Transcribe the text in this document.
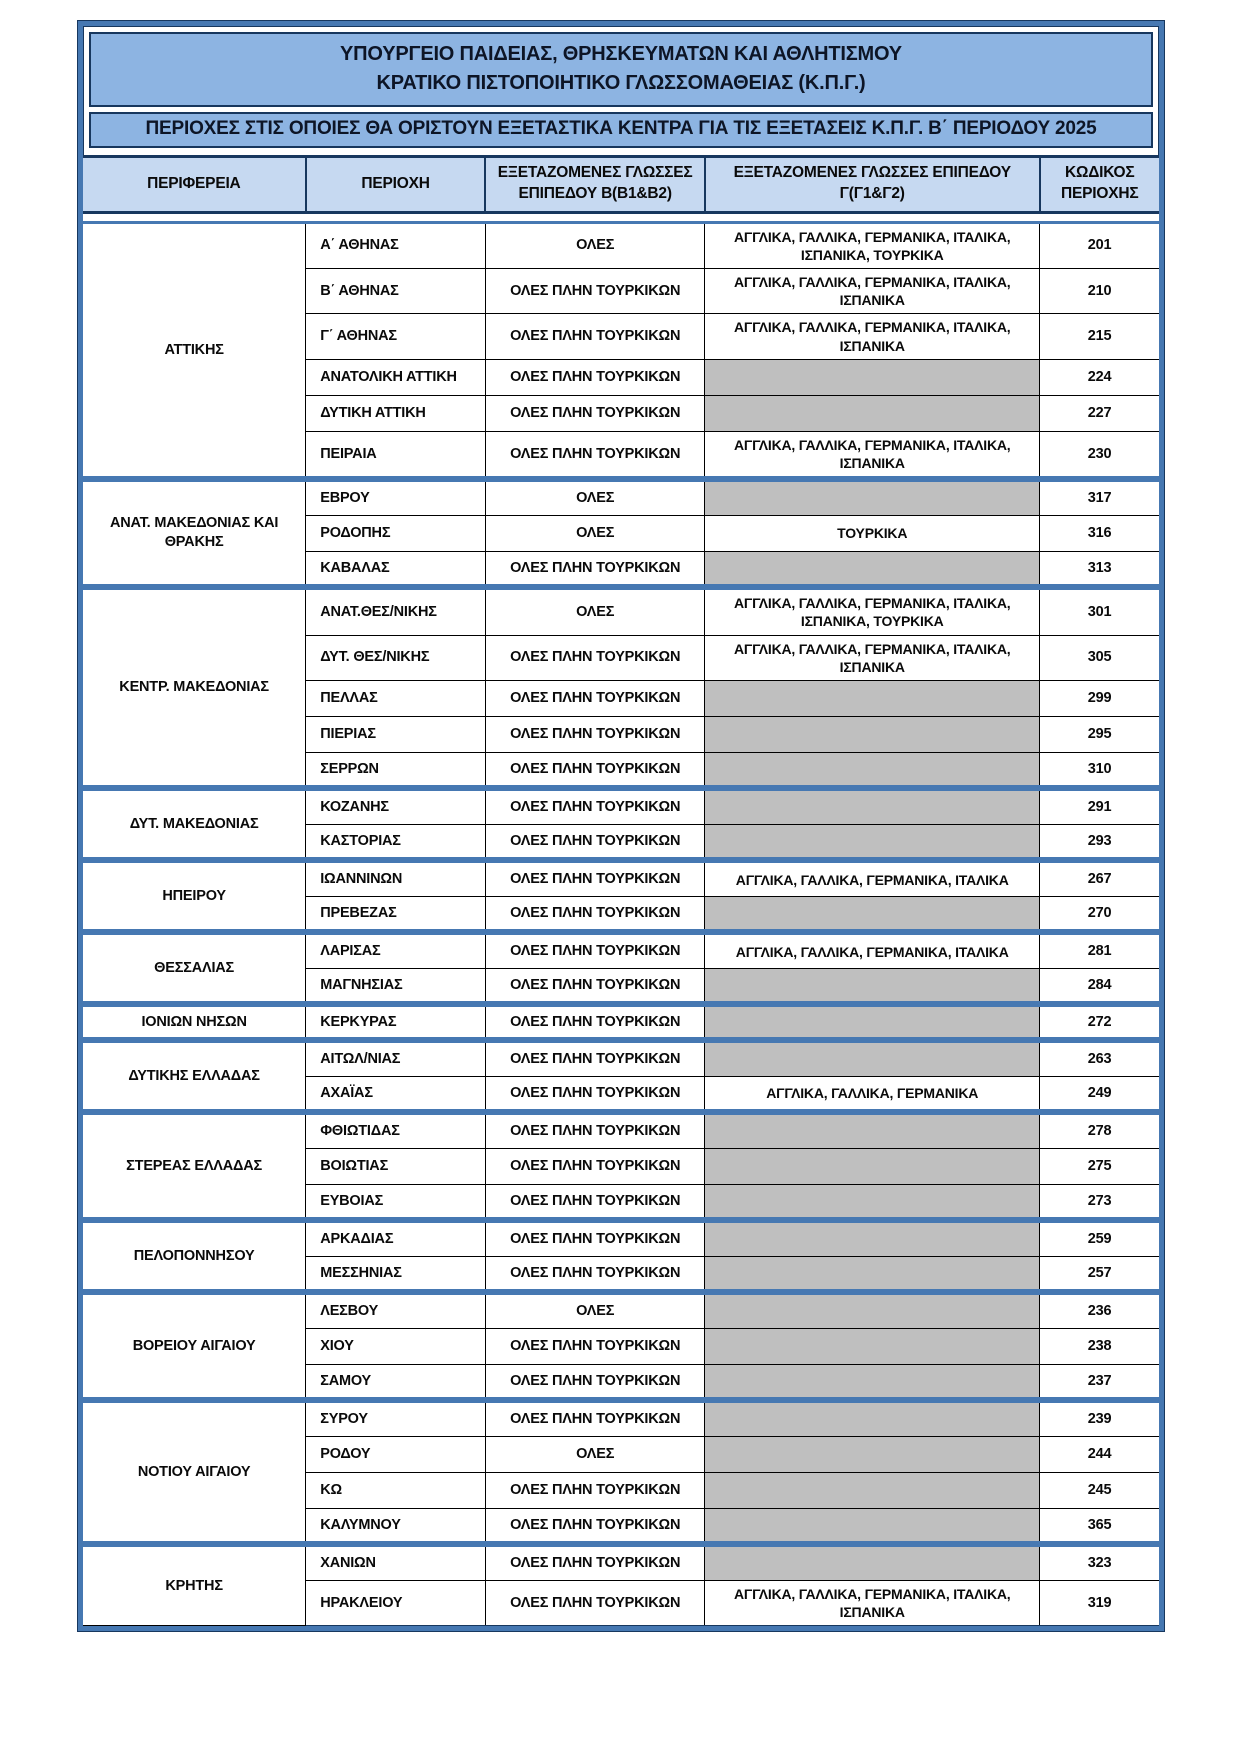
ΥΠΟΥΡΓΕΙΟ ΠΑΙΔΕΙΑΣ, ΘΡΗΣΚΕΥΜΑΤΩΝ ΚΑΙ ΑΘΛΗΤΙΣΜΟΥ
ΚΡΑΤΙΚΟ ΠΙΣΤΟΠΟΙΗΤΙΚΟ ΓΛΩΣΣΟΜΑΘΕΙΑΣ (Κ.Π.Γ.)
ΠΕΡΙΟΧΕΣ ΣΤΙΣ ΟΠΟΙΕΣ ΘΑ ΟΡΙΣΤΟΥΝ ΕΞΕΤΑΣΤΙΚΑ ΚΕΝΤΡΑ ΓΙΑ ΤΙΣ ΕΞΕΤΑΣΕΙΣ Κ.Π.Γ. Β΄ ΠΕΡΙΟΔΟΥ 2025
ΠΕΡΙΦΕΡΕΙΑ	ΠΕΡΙΟΧΗ	ΕΞΕΤΑΖΟΜΕΝΕΣ ΓΛΩΣΣΕΣ ΕΠΙΠΕΔΟΥ Β(Β1&Β2)	ΕΞΕΤΑΖΟΜΕΝΕΣ ΓΛΩΣΣΕΣ ΕΠΙΠΕΔΟΥ Γ(Γ1&Γ2)	ΚΩΔΙΚΟΣ ΠΕΡΙΟΧΗΣ
ΑΤΤΙΚΗΣ	Α΄ ΑΘΗΝΑΣ	ΟΛΕΣ	ΑΓΓΛΙΚΑ, ΓΑΛΛΙΚΑ, ΓΕΡΜΑΝΙΚΑ, ΙΤΑΛΙΚΑ, ΙΣΠΑΝΙΚΑ, ΤΟΥΡΚΙΚΑ	201
	Β΄ ΑΘΗΝΑΣ	ΟΛΕΣ ΠΛΗΝ ΤΟΥΡΚΙΚΩΝ	ΑΓΓΛΙΚΑ, ΓΑΛΛΙΚΑ, ΓΕΡΜΑΝΙΚΑ, ΙΤΑΛΙΚΑ, ΙΣΠΑΝΙΚΑ	210
	Γ΄ ΑΘΗΝΑΣ	ΟΛΕΣ ΠΛΗΝ ΤΟΥΡΚΙΚΩΝ	ΑΓΓΛΙΚΑ, ΓΑΛΛΙΚΑ, ΓΕΡΜΑΝΙΚΑ, ΙΤΑΛΙΚΑ, ΙΣΠΑΝΙΚΑ	215
	ΑΝΑΤΟΛΙΚΗ ΑΤΤΙΚΗ	ΟΛΕΣ ΠΛΗΝ ΤΟΥΡΚΙΚΩΝ		224
	ΔΥΤΙΚΗ ΑΤΤΙΚΗ	ΟΛΕΣ ΠΛΗΝ ΤΟΥΡΚΙΚΩΝ		227
	ΠΕΙΡΑΙΑ	ΟΛΕΣ ΠΛΗΝ ΤΟΥΡΚΙΚΩΝ	ΑΓΓΛΙΚΑ, ΓΑΛΛΙΚΑ, ΓΕΡΜΑΝΙΚΑ, ΙΤΑΛΙΚΑ, ΙΣΠΑΝΙΚΑ	230
ΑΝΑΤ. ΜΑΚΕΔΟΝΙΑΣ ΚΑΙ ΘΡΑΚΗΣ	ΕΒΡΟΥ	ΟΛΕΣ		317
	ΡΟΔΟΠΗΣ	ΟΛΕΣ	ΤΟΥΡΚΙΚΑ	316
	ΚΑΒΑΛΑΣ	ΟΛΕΣ ΠΛΗΝ ΤΟΥΡΚΙΚΩΝ		313
ΚΕΝΤΡ. ΜΑΚΕΔΟΝΙΑΣ	ΑΝΑΤ.ΘΕΣ/ΝΙΚΗΣ	ΟΛΕΣ	ΑΓΓΛΙΚΑ, ΓΑΛΛΙΚΑ, ΓΕΡΜΑΝΙΚΑ, ΙΤΑΛΙΚΑ, ΙΣΠΑΝΙΚΑ, ΤΟΥΡΚΙΚΑ	301
	ΔΥΤ. ΘΕΣ/ΝΙΚΗΣ	ΟΛΕΣ ΠΛΗΝ ΤΟΥΡΚΙΚΩΝ	ΑΓΓΛΙΚΑ, ΓΑΛΛΙΚΑ, ΓΕΡΜΑΝΙΚΑ, ΙΤΑΛΙΚΑ, ΙΣΠΑΝΙΚΑ	305
	ΠΕΛΛΑΣ	ΟΛΕΣ ΠΛΗΝ ΤΟΥΡΚΙΚΩΝ		299
	ΠΙΕΡΙΑΣ	ΟΛΕΣ ΠΛΗΝ ΤΟΥΡΚΙΚΩΝ		295
	ΣΕΡΡΩΝ	ΟΛΕΣ ΠΛΗΝ ΤΟΥΡΚΙΚΩΝ		310
ΔΥΤ. ΜΑΚΕΔΟΝΙΑΣ	ΚΟΖΑΝΗΣ	ΟΛΕΣ ΠΛΗΝ ΤΟΥΡΚΙΚΩΝ		291
	ΚΑΣΤΟΡΙΑΣ	ΟΛΕΣ ΠΛΗΝ ΤΟΥΡΚΙΚΩΝ		293
ΗΠΕΙΡΟΥ	ΙΩΑΝΝΙΝΩΝ	ΟΛΕΣ ΠΛΗΝ ΤΟΥΡΚΙΚΩΝ	ΑΓΓΛΙΚΑ, ΓΑΛΛΙΚΑ, ΓΕΡΜΑΝΙΚΑ, ΙΤΑΛΙΚΑ	267
	ΠΡΕΒΕΖΑΣ	ΟΛΕΣ ΠΛΗΝ ΤΟΥΡΚΙΚΩΝ		270
ΘΕΣΣΑΛΙΑΣ	ΛΑΡΙΣΑΣ	ΟΛΕΣ ΠΛΗΝ ΤΟΥΡΚΙΚΩΝ	ΑΓΓΛΙΚΑ, ΓΑΛΛΙΚΑ, ΓΕΡΜΑΝΙΚΑ, ΙΤΑΛΙΚΑ	281
	ΜΑΓΝΗΣΙΑΣ	ΟΛΕΣ ΠΛΗΝ ΤΟΥΡΚΙΚΩΝ		284
ΙΟΝΙΩΝ ΝΗΣΩΝ	ΚΕΡΚΥΡΑΣ	ΟΛΕΣ ΠΛΗΝ ΤΟΥΡΚΙΚΩΝ		272
ΔΥΤΙΚΗΣ ΕΛΛΑΔΑΣ	ΑΙΤΩΛ/ΝΙΑΣ	ΟΛΕΣ ΠΛΗΝ ΤΟΥΡΚΙΚΩΝ		263
	ΑΧΑΪΑΣ	ΟΛΕΣ ΠΛΗΝ ΤΟΥΡΚΙΚΩΝ	ΑΓΓΛΙΚΑ, ΓΑΛΛΙΚΑ, ΓΕΡΜΑΝΙΚΑ	249
ΣΤΕΡΕΑΣ ΕΛΛΑΔΑΣ	ΦΘΙΩΤΙΔΑΣ	ΟΛΕΣ ΠΛΗΝ ΤΟΥΡΚΙΚΩΝ		278
	ΒΟΙΩΤΙΑΣ	ΟΛΕΣ ΠΛΗΝ ΤΟΥΡΚΙΚΩΝ		275
	ΕΥΒΟΙΑΣ	ΟΛΕΣ ΠΛΗΝ ΤΟΥΡΚΙΚΩΝ		273
ΠΕΛΟΠΟΝΝΗΣΟΥ	ΑΡΚΑΔΙΑΣ	ΟΛΕΣ ΠΛΗΝ ΤΟΥΡΚΙΚΩΝ		259
	ΜΕΣΣΗΝΙΑΣ	ΟΛΕΣ ΠΛΗΝ ΤΟΥΡΚΙΚΩΝ		257
ΒΟΡΕΙΟΥ ΑΙΓΑΙΟΥ	ΛΕΣΒΟΥ	ΟΛΕΣ		236
	ΧΙΟΥ	ΟΛΕΣ ΠΛΗΝ ΤΟΥΡΚΙΚΩΝ		238
	ΣΑΜΟΥ	ΟΛΕΣ ΠΛΗΝ ΤΟΥΡΚΙΚΩΝ		237
ΝΟΤΙΟΥ ΑΙΓΑΙΟΥ	ΣΥΡΟΥ	ΟΛΕΣ ΠΛΗΝ ΤΟΥΡΚΙΚΩΝ		239
	ΡΟΔΟΥ	ΟΛΕΣ		244
	ΚΩ	ΟΛΕΣ ΠΛΗΝ ΤΟΥΡΚΙΚΩΝ		245
	ΚΑΛΥΜΝΟΥ	ΟΛΕΣ ΠΛΗΝ ΤΟΥΡΚΙΚΩΝ		365
ΚΡΗΤΗΣ	ΧΑΝΙΩΝ	ΟΛΕΣ ΠΛΗΝ ΤΟΥΡΚΙΚΩΝ		323
	ΗΡΑΚΛΕΙΟΥ	ΟΛΕΣ ΠΛΗΝ ΤΟΥΡΚΙΚΩΝ	ΑΓΓΛΙΚΑ, ΓΑΛΛΙΚΑ, ΓΕΡΜΑΝΙΚΑ, ΙΤΑΛΙΚΑ, ΙΣΠΑΝΙΚΑ	319
